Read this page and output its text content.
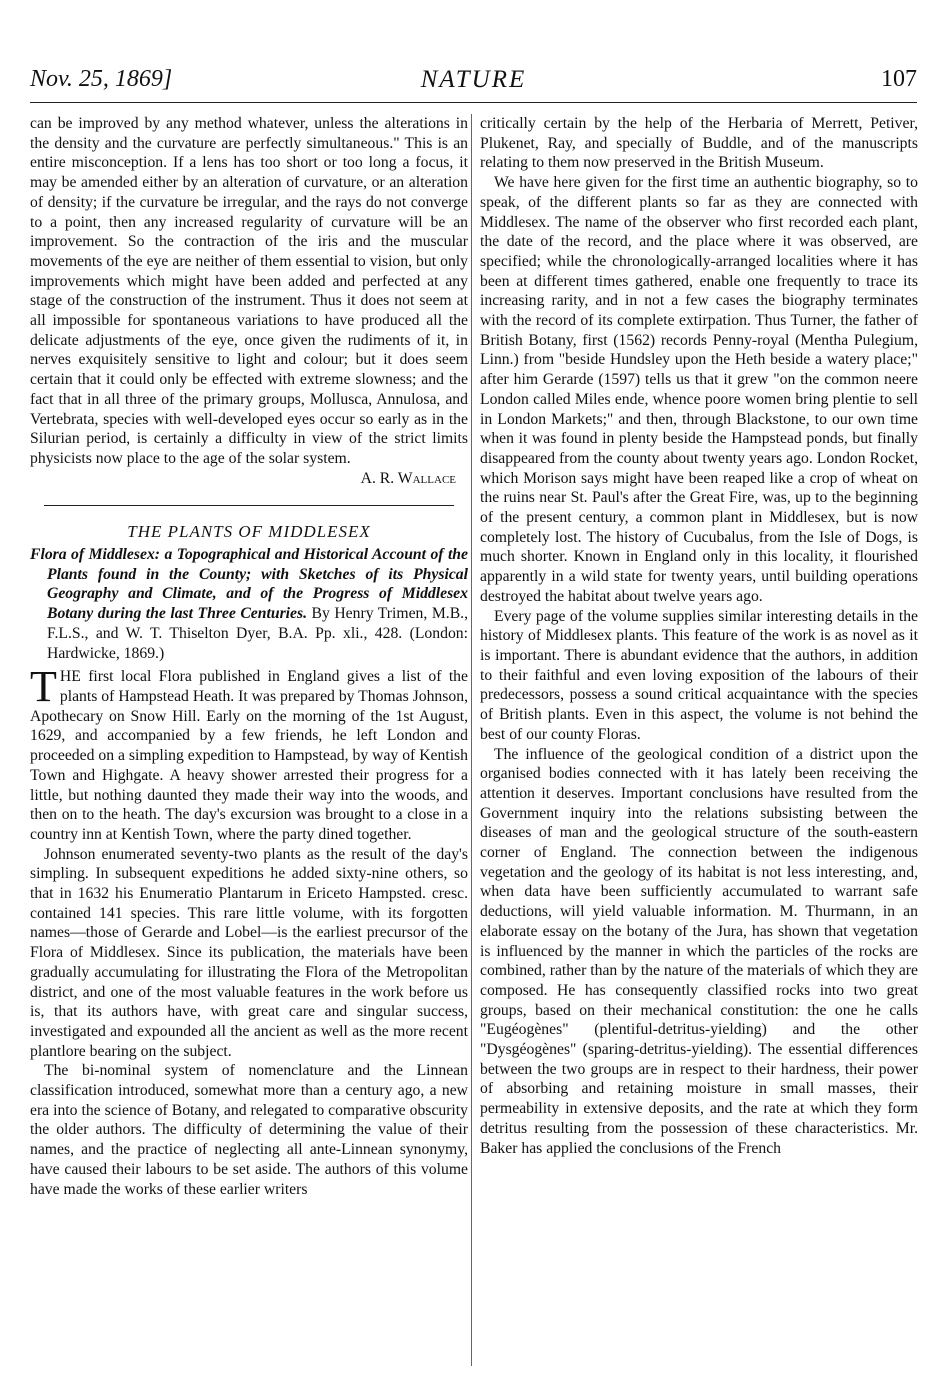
Nov. 25, 1869]	NATURE	107

can be improved by any method whatever, unless the alterations in the density and the curvature are perfectly simultaneous." This is an entire misconception. If a lens has too short or too long a focus, it may be amended either by an alteration of curvature, or an alteration of density; if the curvature be irregular, and the rays do not converge to a point, then any increased regularity of curvature will be an improvement. So the contraction of the iris and the muscular movements of the eye are neither of them essential to vision, but only improvements which might have been added and perfected at any stage of the construction of the instrument. Thus it does not seem at all impossible for spontaneous variations to have produced all the delicate adjustments of the eye, once given the rudiments of it, in nerves exquisitely sensitive to light and colour; but it does seem certain that it could only be effected with extreme slowness; and the fact that in all three of the primary groups, Mollusca, Annulosa, and Vertebrata, species with well-developed eyes occur so early as in the Silurian period, is certainly a difficulty in view of the strict limits physicists now place to the age of the solar system.

A. R. Wallace
THE PLANTS OF MIDDLESEX

Flora of Middlesex: a Topographical and Historical Account of the Plants found in the County; with Sketches of its Physical Geography and Climate, and of the Progress of Middlesex Botany during the last Three Centuries. By Henry Trimen, M.B., F.L.S., and W. T. Thiselton Dyer, B.A. Pp. xli., 428. (London: Hardwicke, 1869.)

THE first local Flora published in England gives a list of the plants of Hampstead Heath. It was prepared by Thomas Johnson, Apothecary on Snow Hill. Early on the morning of the 1st August, 1629, and accompanied by a few friends, he left London and proceeded on a simpling expedition to Hampstead, by way of Kentish Town and Highgate. A heavy shower arrested their progress for a little, but nothing daunted they made their way into the woods, and then on to the heath. The day's excursion was brought to a close in a country inn at Kentish Town, where the party dined together.

Johnson enumerated seventy-two plants as the result of the day's simpling. In subsequent expeditions he added sixty-nine others, so that in 1632 his Enumeratio Plantarum in Ericeto Hampsted. cresc. contained 141 species. This rare little volume, with its forgotten names—those of Gerarde and Lobel—is the earliest precursor of the Flora of Middlesex. Since its publication, the materials have been gradually accumulating for illustrating the Flora of the Metropolitan district, and one of the most valuable features in the work before us is, that its authors have, with great care and singular success, investigated and expounded all the ancient as well as the more recent plantlore bearing on the subject.

The bi-nominal system of nomenclature and the Linnean classification introduced, somewhat more than a century ago, a new era into the science of Botany, and relegated to comparative obscurity the older authors. The difficulty of determining the value of their names, and the practice of neglecting all ante-Linnean synonymy, have caused their labours to be set aside. The authors of this volume have made the works of these earlier writers

critically certain by the help of the Herbaria of Merrett, Petiver, Plukenet, Ray, and specially of Buddle, and of the manuscripts relating to them now preserved in the British Museum.

We have here given for the first time an authentic biography, so to speak, of the different plants so far as they are connected with Middlesex. The name of the observer who first recorded each plant, the date of the record, and the place where it was observed, are specified; while the chronologically-arranged localities where it has been at different times gathered, enable one frequently to trace its increasing rarity, and in not a few cases the biography terminates with the record of its complete extirpation. Thus Turner, the father of British Botany, first (1562) records Penny-royal (Mentha Pulegium, Linn.) from "beside Hundsley upon the Heth beside a watery place;" after him Gerarde (1597) tells us that it grew "on the common neere London called Miles ende, whence poore women bring plentie to sell in London Markets;" and then, through Blackstone, to our own time when it was found in plenty beside the Hampstead ponds, but finally disappeared from the county about twenty years ago. London Rocket, which Morison says might have been reaped like a crop of wheat on the ruins near St. Paul's after the Great Fire, was, up to the beginning of the present century, a common plant in Middlesex, but is now completely lost. The history of Cucubalus, from the Isle of Dogs, is much shorter. Known in England only in this locality, it flourished apparently in a wild state for twenty years, until building operations destroyed the habitat about twelve years ago.

Every page of the volume supplies similar interesting details in the history of Middlesex plants. This feature of the work is as novel as it is important. There is abundant evidence that the authors, in addition to their faithful and even loving exposition of the labours of their predecessors, possess a sound critical acquaintance with the species of British plants. Even in this aspect, the volume is not behind the best of our county Floras.

The influence of the geological condition of a district upon the organised bodies connected with it has lately been receiving the attention it deserves. Important conclusions have resulted from the Government inquiry into the relations subsisting between the diseases of man and the geological structure of the south-eastern corner of England. The connection between the indigenous vegetation and the geology of its habitat is not less interesting, and, when data have been sufficiently accumulated to warrant safe deductions, will yield valuable information. M. Thurmann, in an elaborate essay on the botany of the Jura, has shown that vegetation is influenced by the manner in which the particles of the rocks are combined, rather than by the nature of the materials of which they are composed. He has consequently classified rocks into two great groups, based on their mechanical constitution: the one he calls "Eugéogènes" (plentiful-detritus-yielding) and the other "Dysgéogènes" (sparing-detritus-yielding). The essential differences between the two groups are in respect to their hardness, their power of absorbing and retaining moisture in small masses, their permeability in extensive deposits, and the rate at which they form detritus resulting from the possession of these characteristics. Mr. Baker has applied the conclusions of the French
